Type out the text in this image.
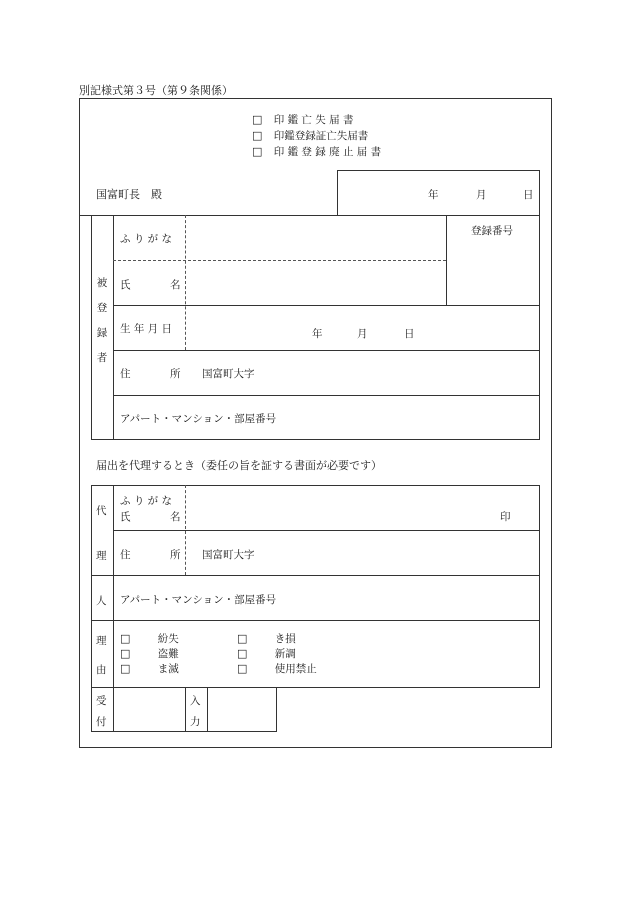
別記様式第３号（第９条関係）
□ 印 鑑 亡 失 届 書
□ 印鑑登録証亡失届書
□ 印 鑑 登 録 廃 止 届 書
国富町長　殿	年	月	日
被
登
録
者
ふ り が な
氏	名
登録番号
生 年 月 日	年	月	日
住	所 国富町大字
アパート・マンション・部屋番号
届出を代理するとき（委任の旨を証する書面が必要です）
代
理
人
ふ り が な
氏	名	印
住	所 国富町大字
アパート・マンション・部屋番号
理
由
□	紛失	□	き損
□	盗難	□	新調
□	ま滅	□	使用禁止
受
付
入
力
